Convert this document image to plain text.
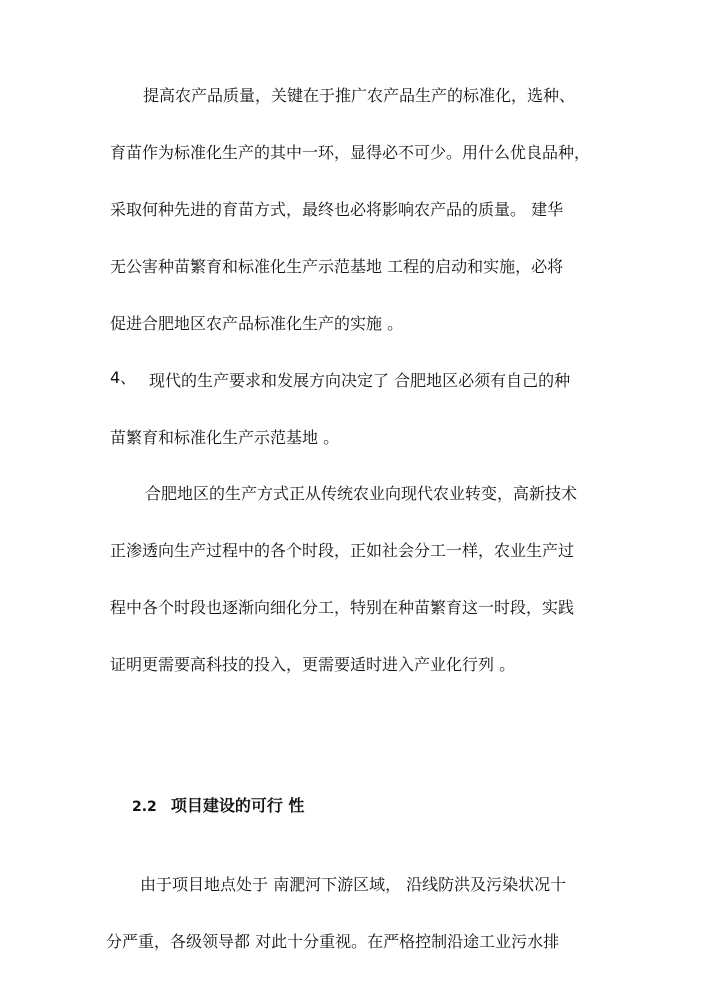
提高农产品质量，关键在于推广农产品生产的标准化，选种、
育苗作为标准化生产的其中一环，显得必不可少。用什么优良品种，
采取何种先进的育苗方式，最终也必将影响农产品的质量。 建华
无公害种苗繁育和标准化生产示范基地 工程的启动和实施，必将
促进合肥地区农产品标准化生产的实施 。
4、 现代的生产要求和发展方向决定了 合肥地区必须有自己的种
苗繁育和标准化生产示范基地 。
合肥地区的生产方式正从传统农业向现代农业转变，高新技术
正渗透向生产过程中的各个时段，正如社会分工一样，农业生产过
程中各个时段也逐渐向细化分工，特别在种苗繁育这一时段，实践
证明更需要高科技的投入，更需要适时进入产业化行列 。
2.2 项目建设的可行 性
由于项目地点处于 南淝河下游区域， 沿线防洪及污染状况十
分严重，各级领导都 对此十分重视。在严格控制沿途工业污水排
